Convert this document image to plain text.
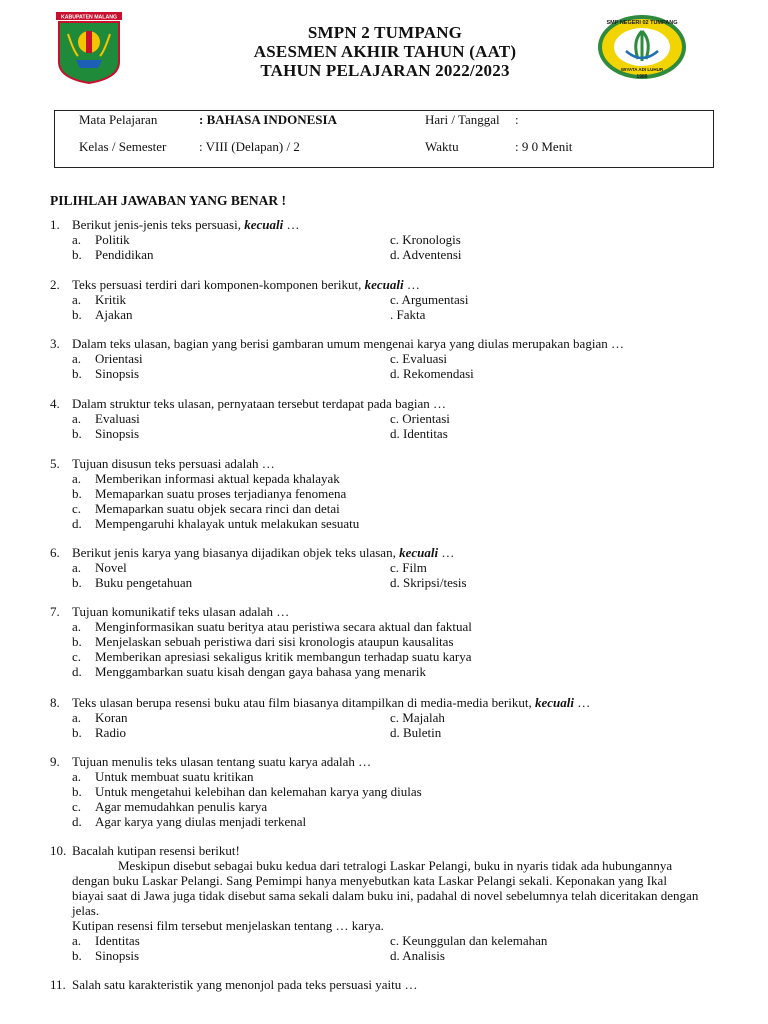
KABUPATEN MALANG
SMPN 2 TUMPANG
ASESMEN AKHIR TAHUN (AAT)
TAHUN PELAJARAN 2022/2023
SMP NEGERI 02 TUMPANG
WIYATA ADI LUHUR
1986
Mata Pelajaran	: BAHASA INDONESIA	Hari / Tanggal :
Kelas / Semester	: VIII (Delapan) / 2	Waktu	: 9 0 Menit
PILIHLAH JAWABAN YANG BENAR !
1. Berikut jenis-jenis teks persuasi, kecuali …
a. Politik	c. Kronologis
b. Pendidikan	d. Adventensi
2. Teks persuasi terdiri dari komponen-komponen berikut, kecuali …
a. Kritik	c. Argumentasi
b. Ajakan	. Fakta
3. Dalam teks ulasan, bagian yang berisi gambaran umum mengenai karya yang diulas merupakan bagian …
a. Orientasi	c. Evaluasi
b. Sinopsis	d. Rekomendasi
4. Dalam struktur teks ulasan, pernyataan tersebut terdapat pada bagian …
a. Evaluasi	c. Orientasi
b. Sinopsis	d. Identitas
5. Tujuan disusun teks persuasi adalah …
a. Memberikan informasi aktual kepada khalayak
b. Memaparkan suatu proses terjadianya fenomena
c. Memaparkan suatu objek secara rinci dan detai
d. Mempengaruhi khalayak untuk melakukan sesuatu
6. Berikut jenis karya yang biasanya dijadikan objek teks ulasan, kecuali …
a. Novel	c. Film
b. Buku pengetahuan	d. Skripsi/tesis
7. Tujuan komunikatif teks ulasan adalah …
a. Menginformasikan suatu beritya atau peristiwa secara aktual dan faktual
b. Menjelaskan sebuah peristiwa dari sisi kronologis ataupun kausalitas
c. Memberikan apresiasi sekaligus kritik membangun terhadap suatu karya
d. Menggambarkan suatu kisah dengan gaya bahasa yang menarik
8. Teks ulasan berupa resensi buku atau film biasanya ditampilkan di media-media berikut, kecuali …
a. Koran	c. Majalah
b. Radio	d. Buletin
9. Tujuan menulis teks ulasan tentang suatu karya adalah …
a. Untuk membuat suatu kritikan
b. Untuk mengetahui kelebihan dan kelemahan karya yang diulas
c. Agar memudahkan penulis karya
d. Agar karya yang diulas menjadi terkenal
10. Bacalah kutipan resensi berikut!
Meskipun disebut sebagai buku kedua dari tetralogi Laskar Pelangi, buku in nyaris tidak ada hubungannya
dengan buku Laskar Pelangi. Sang Pemimpi hanya menyebutkan kata Laskar Pelangi sekali. Keponakan yang Ikal
biayai saat di Jawa juga tidak disebut sama sekali dalam buku ini, padahal di novel sebelumnya telah diceritakan dengan
jelas.
Kutipan resensi film tersebut menjelaskan tentang … karya.
a. Identitas	c. Keunggulan dan kelemahan
b. Sinopsis	d. Analisis
11. Salah satu karakteristik yang menonjol pada teks persuasi yaitu …
